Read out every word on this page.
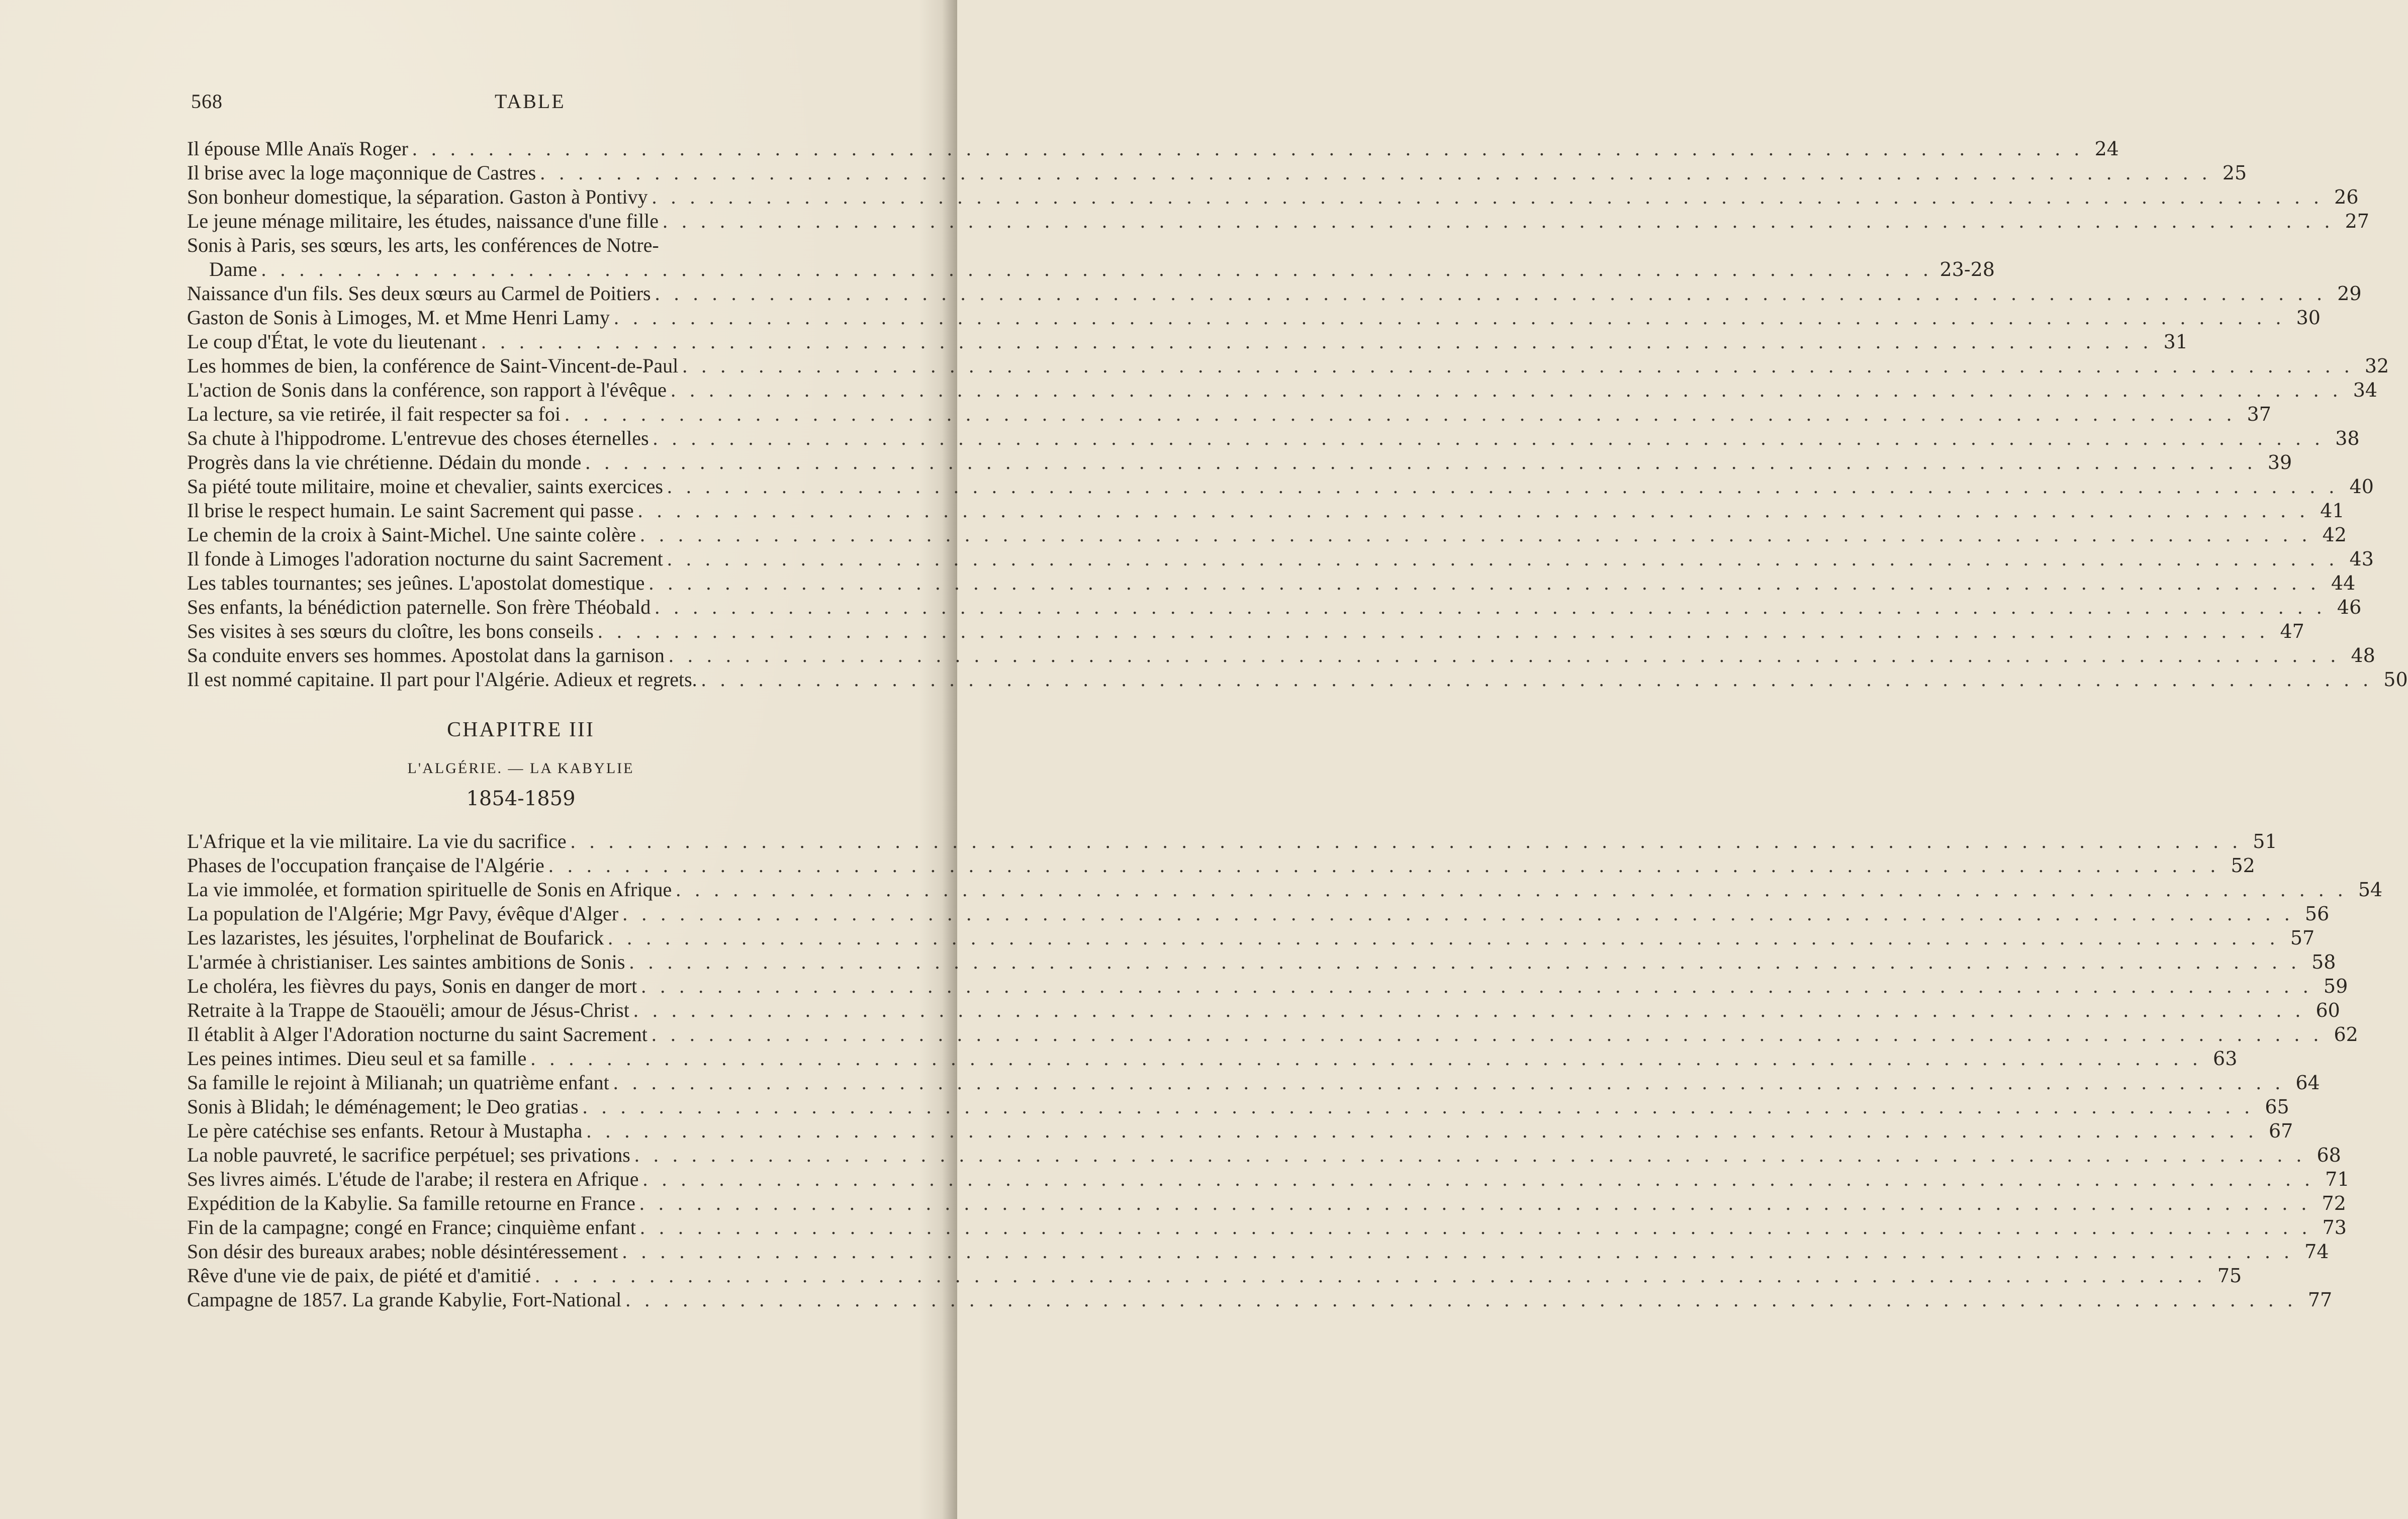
568	TABLE
Il épouse Mlle Anaïs Roger . . .	24
Il brise avec la loge maçonnique de Castres . . .	25
Son bonheur domestique, la séparation. Gaston à Pontivy . . .	26
Le jeune ménage militaire, les études, naissance d'une fille . . .	27
Sonis à Paris, ses sœurs, les arts, les conférences de Notre-
Dame . . .	23-28
Naissance d'un fils. Ses deux sœurs au Carmel de Poitiers . . .	29
Gaston de Sonis à Limoges, M. et Mme Henri Lamy . . .	30
Le coup d'État, le vote du lieutenant . . .	31
Les hommes de bien, la conférence de Saint-Vincent-de-Paul . . .	32
L'action de Sonis dans la conférence, son rapport à l'évêque . . .	34
La lecture, sa vie retirée, il fait respecter sa foi . . .	37
Sa chute à l'hippodrome. L'entrevue des choses éternelles . . .	38
Progrès dans la vie chrétienne. Dédain du monde . . .	39
Sa piété toute militaire, moine et chevalier, saints exercices . . .	40
Il brise le respect humain. Le saint Sacrement qui passe . . .	41
Le chemin de la croix à Saint-Michel. Une sainte colère . . .	42
Il fonde à Limoges l'adoration nocturne du saint Sacrement . . .	43
Les tables tournantes; ses jeûnes. L'apostolat domestique . . .	44
Ses enfants, la bénédiction paternelle. Son frère Théobald . . .	46
Ses visites à ses sœurs du cloître, les bons conseils . . .	47
Sa conduite envers ses hommes. Apostolat dans la garnison . . .	48
Il est nommé capitaine. Il part pour l'Algérie. Adieux et regrets. . . .	50
CHAPITRE III
L'ALGÉRIE. — LA KABYLIE
1854-1859
L'Afrique et la vie militaire. La vie du sacrifice . . .	51
Phases de l'occupation française de l'Algérie . . .	52
La vie immolée, et formation spirituelle de Sonis en Afrique . . .	54
La population de l'Algérie; Mgr Pavy, évêque d'Alger . . .	56
Les lazaristes, les jésuites, l'orphelinat de Boufarick . . .	57
L'armée à christianiser. Les saintes ambitions de Sonis . . .	58
Le choléra, les fièvres du pays, Sonis en danger de mort . . .	59
Retraite à la Trappe de Staouëli; amour de Jésus-Christ . . .	60
Il établit à Alger l'Adoration nocturne du saint Sacrement . . .	62
Les peines intimes. Dieu seul et sa famille . . .	63
Sa famille le rejoint à Milianah; un quatrième enfant . . .	64
Sonis à Blidah; le déménagement; le Deo gratias . . .	65
Le père catéchise ses enfants. Retour à Mustapha . . .	67
La noble pauvreté, le sacrifice perpétuel; ses privations . . .	68
Ses livres aimés. L'étude de l'arabe; il restera en Afrique . . .	71
Expédition de la Kabylie. Sa famille retourne en France . . .	72
Fin de la campagne; congé en France; cinquième enfant . . .	73
Son désir des bureaux arabes; noble désintéressement . . .	74
Rêve d'une vie de paix, de piété et d'amitié . . .	75
Campagne de 1857. La grande Kabylie, Fort-National . . .	77
